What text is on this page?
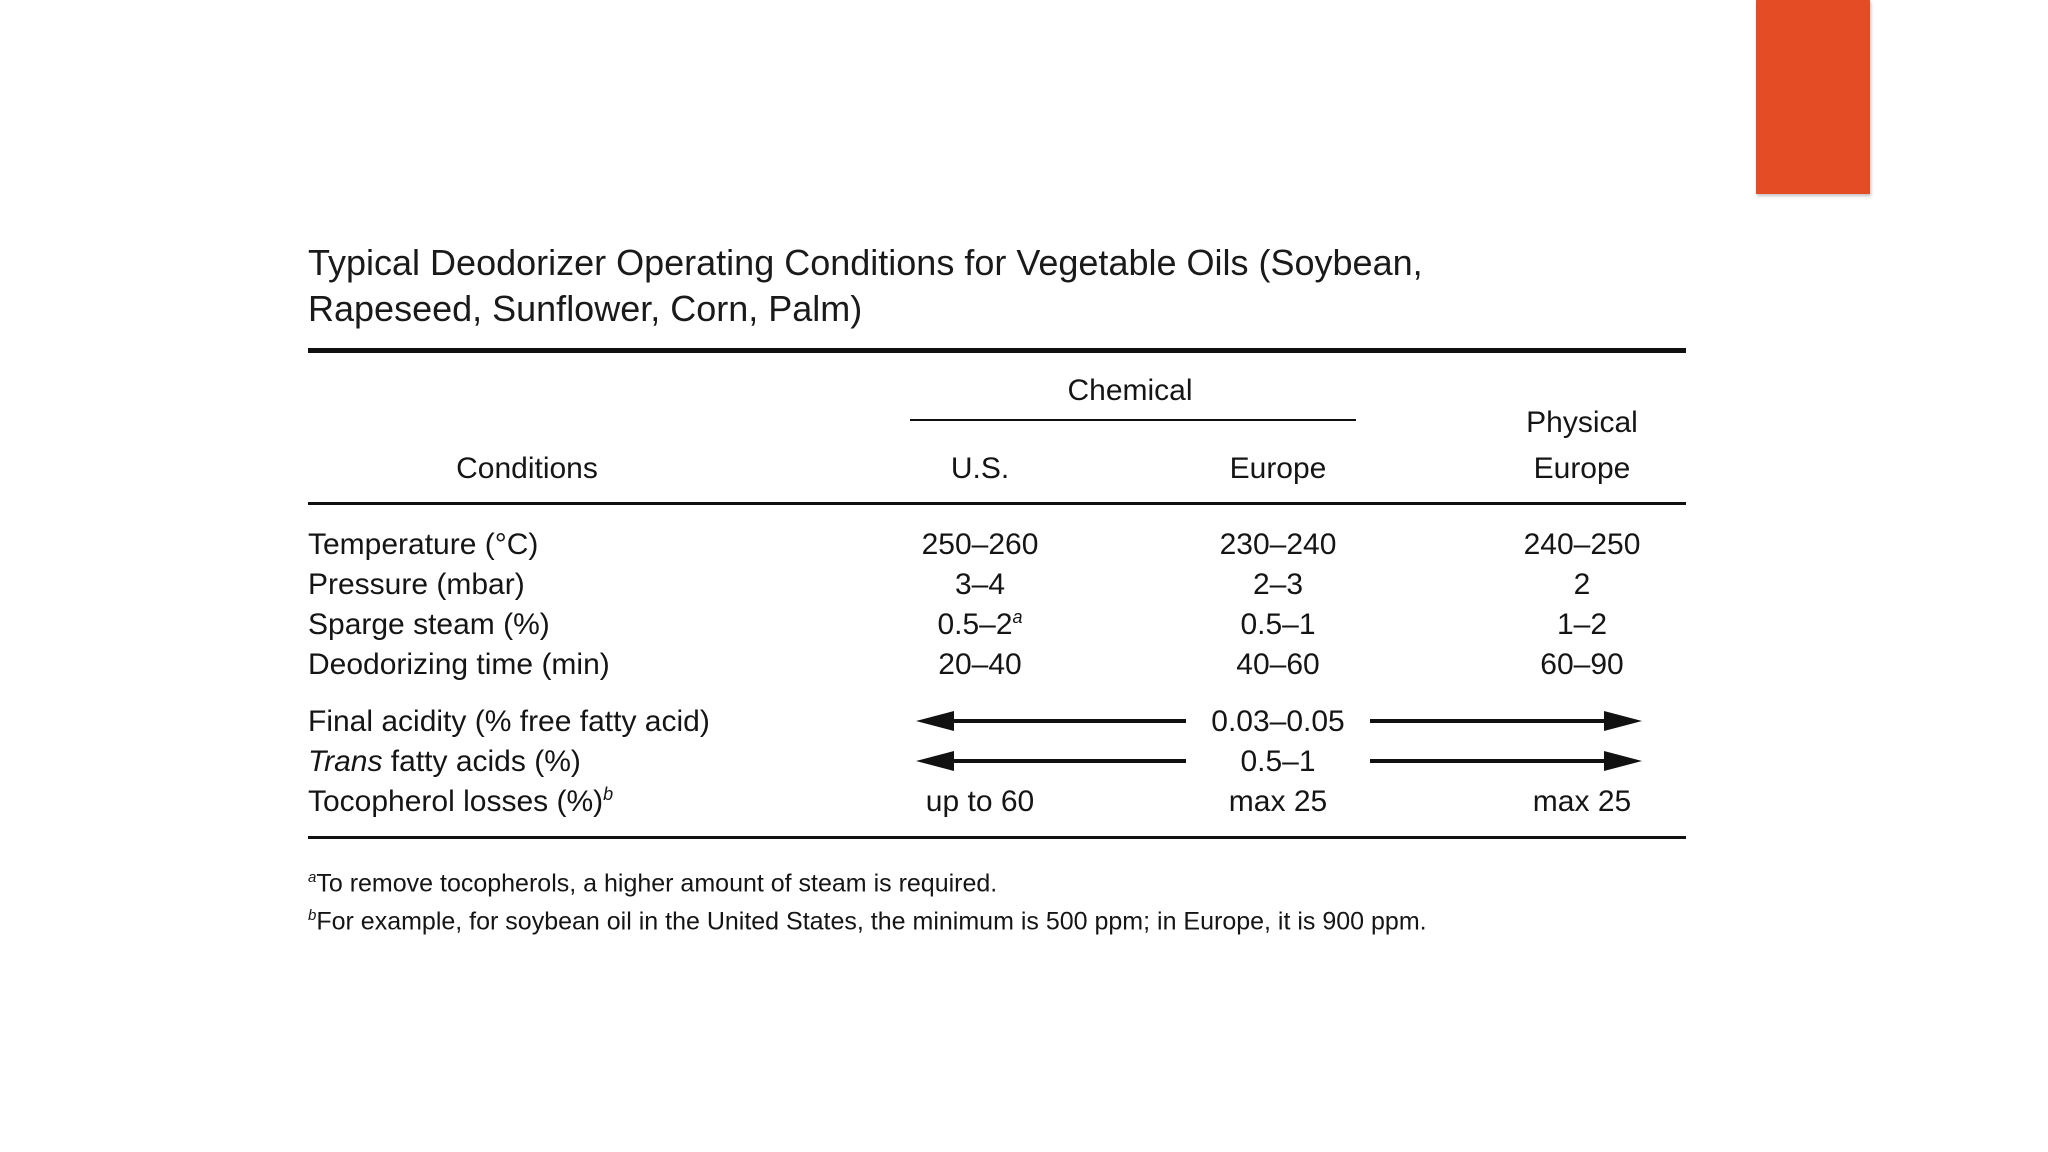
Typical Deodorizer Operating Conditions for Vegetable Oils (Soybean,
Rapeseed, Sunflower, Corn, Palm)
Chemical
Physical
Conditions	U.S.	Europe	Europe
Temperature (°C)	250–260	230–240	240–250
Pressure (mbar)	3–4	2–3	2
Sparge steam (%)	0.5–2$^a$	0.5–1	1–2
Deodorizing time (min)	20–40	40–60	60–90
Final acidity (% free fatty acid)	0.03–0.05
Trans fatty acids (%)	0.5–1
Tocopherol losses (%)$^b$	up to 60	max 25	max 25
$^a$To remove tocopherols, a higher amount of steam is required.
$^b$For example, for soybean oil in the United States, the minimum is 500 ppm; in Europe, it is 900 ppm.
